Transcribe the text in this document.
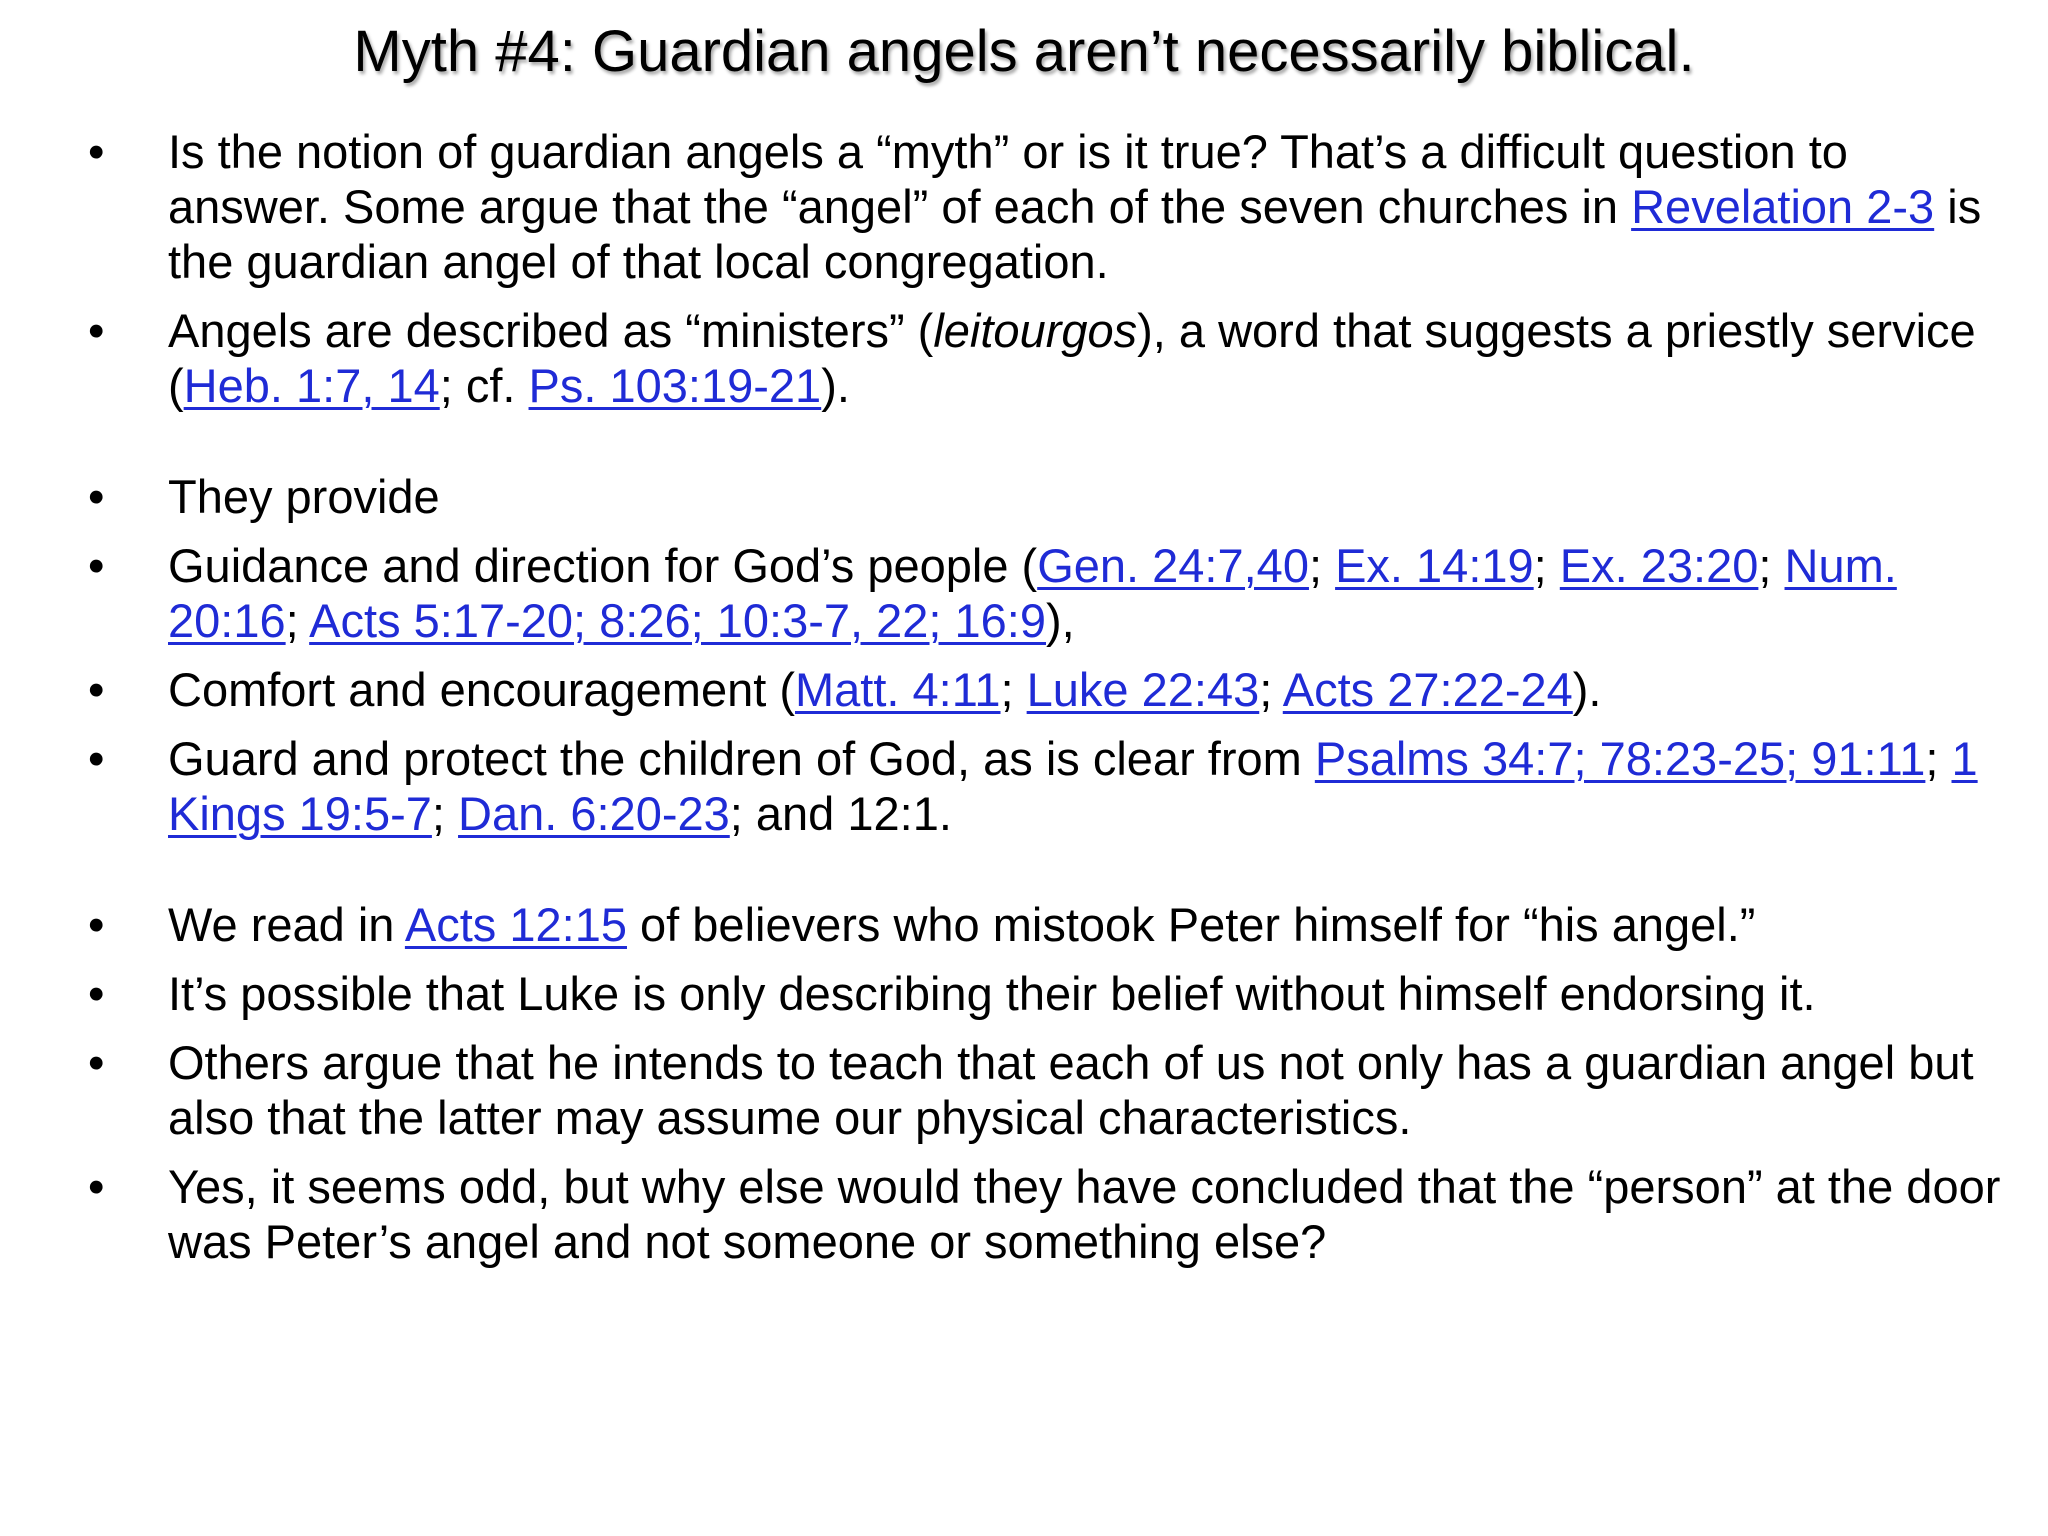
Myth #4: Guardian angels aren’t necessarily biblical.
• Is the notion of guardian angels a “myth” or is it true? That’s a difficult question to answer. Some argue that the “angel” of each of the seven churches in Revelation 2-3 is the guardian angel of that local congregation.
• Angels are described as “ministers” (leitourgos), a word that suggests a priestly service (Heb. 1:7, 14; cf. Ps. 103:19-21).
• They provide
• Guidance and direction for God’s people (Gen. 24:7,40; Ex. 14:19; Ex. 23:20; Num. 20:16; Acts 5:17-20; 8:26; 10:3-7, 22; 16:9),
• Comfort and encouragement (Matt. 4:11; Luke 22:43; Acts 27:22-24).
• Guard and protect the children of God, as is clear from Psalms 34:7; 78:23-25; 91:11; 1 Kings 19:5-7; Dan. 6:20-23; and 12:1.
• We read in Acts 12:15 of believers who mistook Peter himself for “his angel.”
• It’s possible that Luke is only describing their belief without himself endorsing it.
• Others argue that he intends to teach that each of us not only has a guardian angel but also that the latter may assume our physical characteristics.
• Yes, it seems odd, but why else would they have concluded that the “person” at the door was Peter’s angel and not someone or something else?
